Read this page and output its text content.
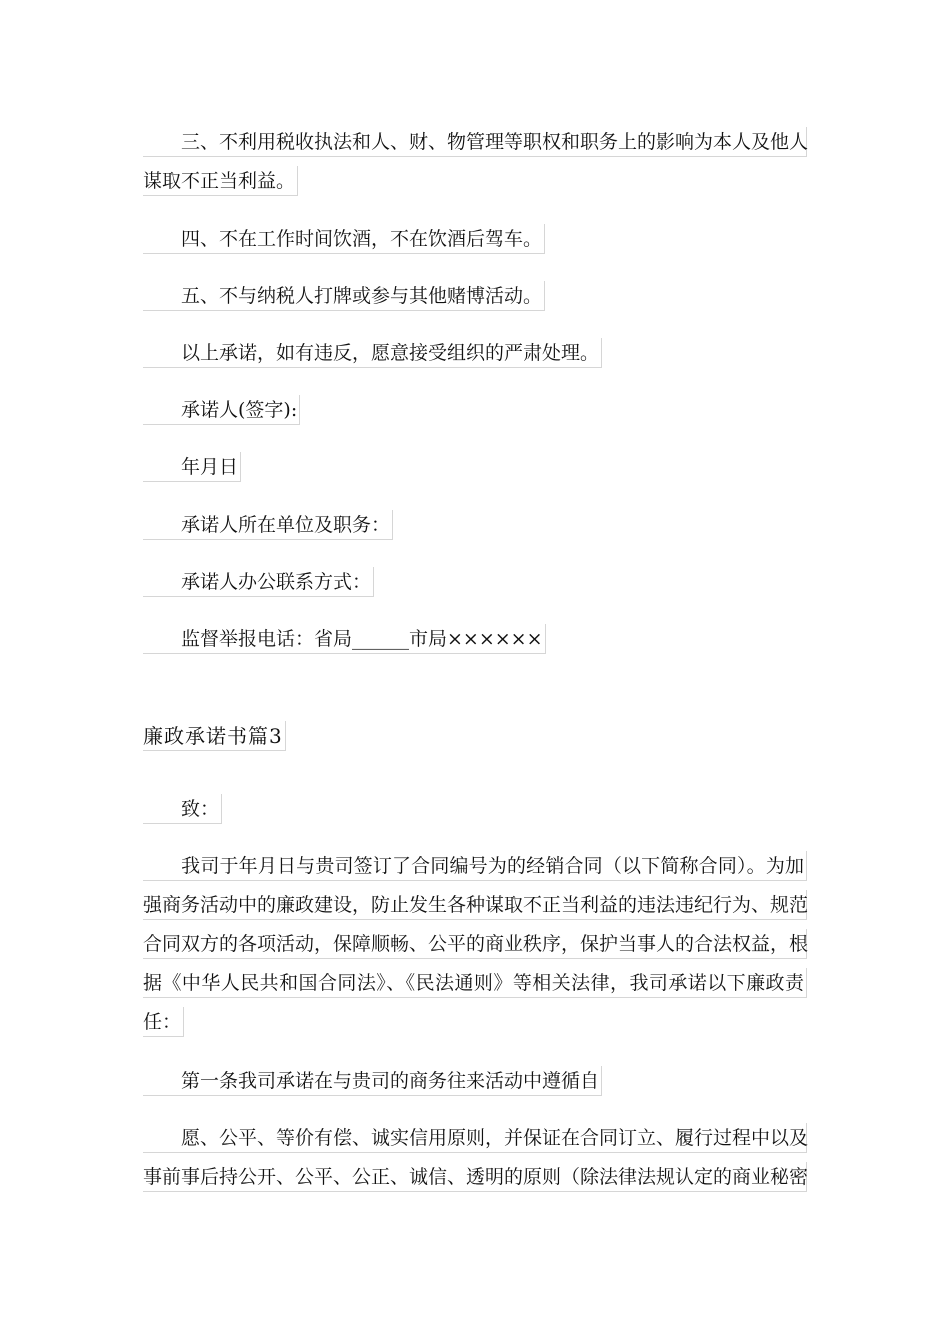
三、不利用税收执法和人、财、物管理等职权和职务上的影响为本人及他人
谋取不正当利益。
四、不在工作时间饮酒，不在饮酒后驾车。
五、不与纳税人打牌或参与其他赌博活动。
以上承诺，如有违反，愿意接受组织的严肃处理。
承诺人(签字):
年月日
承诺人所在单位及职务：
承诺人办公联系方式：
监督举报电话：省局______市局××××××
廉政承诺书篇3
致：
我司于年月日与贵司签订了合同编号为的经销合同（以下简称合同）。为加
强商务活动中的廉政建设，防止发生各种谋取不正当利益的违法违纪行为、规范
合同双方的各项活动，保障顺畅、公平的商业秩序，保护当事人的合法权益，根
据《中华人民共和国合同法》、《民法通则》等相关法律，我司承诺以下廉政责
任：
第一条我司承诺在与贵司的商务往来活动中遵循自
愿、公平、等价有偿、诚实信用原则，并保证在合同订立、履行过程中以及
事前事后持公开、公平、公正、诚信、透明的原则（除法律法规认定的商业秘密
